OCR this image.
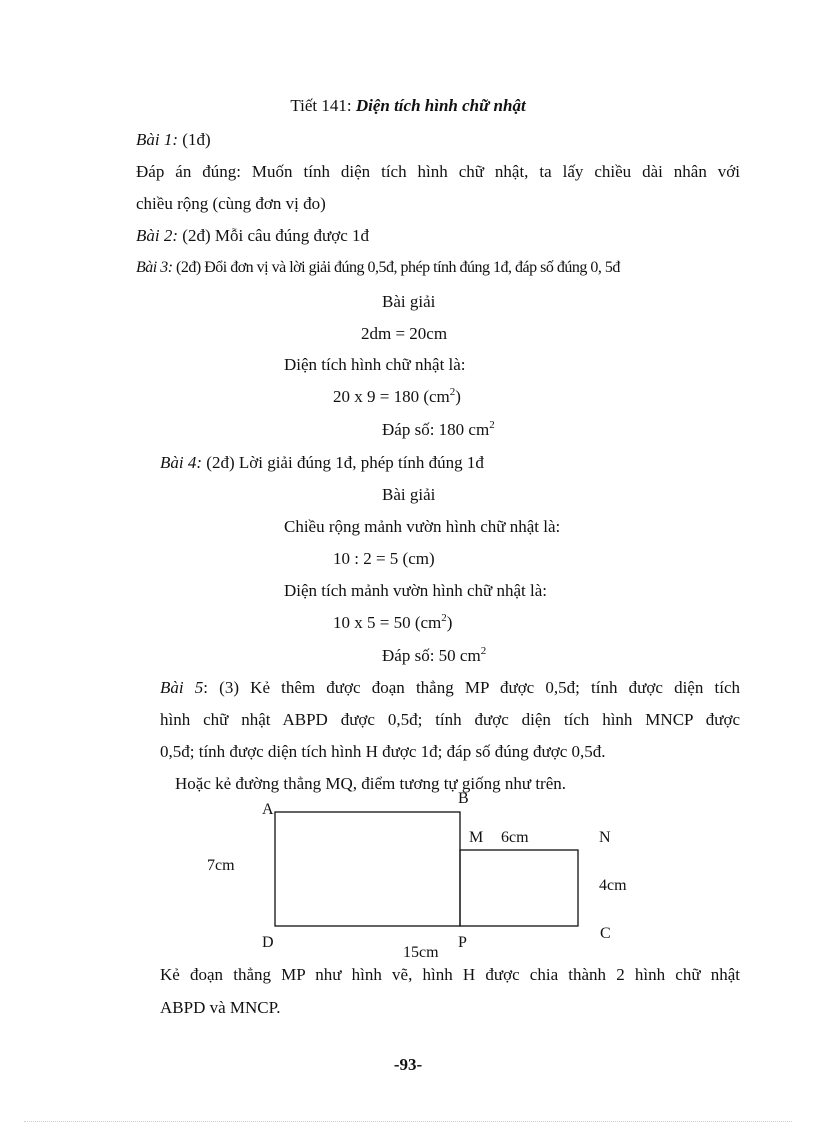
Tiết 141: Diện tích hình chữ nhật
Bài 1: (1đ)
Đáp án đúng: Muốn tính diện tích hình chữ nhật, ta lấy chiều dài nhân với
chiều rộng (cùng đơn vị đo)
Bài 2: (2đ) Mỗi câu đúng được 1đ
Bài 3: (2đ) Đổi đơn vị và lời giải đúng 0,5đ, phép tính đúng 1đ, đáp số đúng 0, 5đ
Bài giải
2dm = 20cm
Diện tích hình chữ nhật là:
20 x 9 = 180 $(cm^2)$
Đáp số: 180 $cm^2$
Bài 4: (2đ) Lời giải đúng 1đ, phép tính đúng 1đ
Bài giải
Chiều rộng mảnh vườn hình chữ nhật là:
10 : 2 = 5 (cm)
Diện tích mảnh vườn hình chữ nhật là:
10 x 5 = 50 $(cm^2)$
Đáp số: 50 $cm^2$
Bài 5: (3) Kẻ thêm được đoạn thẳng MP được 0,5đ; tính được diện tích
hình chữ nhật ABPD được 0,5đ; tính được diện tích hình MNCP được
0,5đ; tính được diện tích hình H được 1đ; đáp số đúng được 0,5đ.
Hoặc kẻ đường thẳng MQ, điểm tương tự giống như trên.
A
B
M 6cm	N
7cm
4cm
C
D	P
15cm
Kẻ đoạn thẳng MP như hình vẽ, hình H được chia thành 2 hình chữ nhật
ABPD và MNCP.
-93-
